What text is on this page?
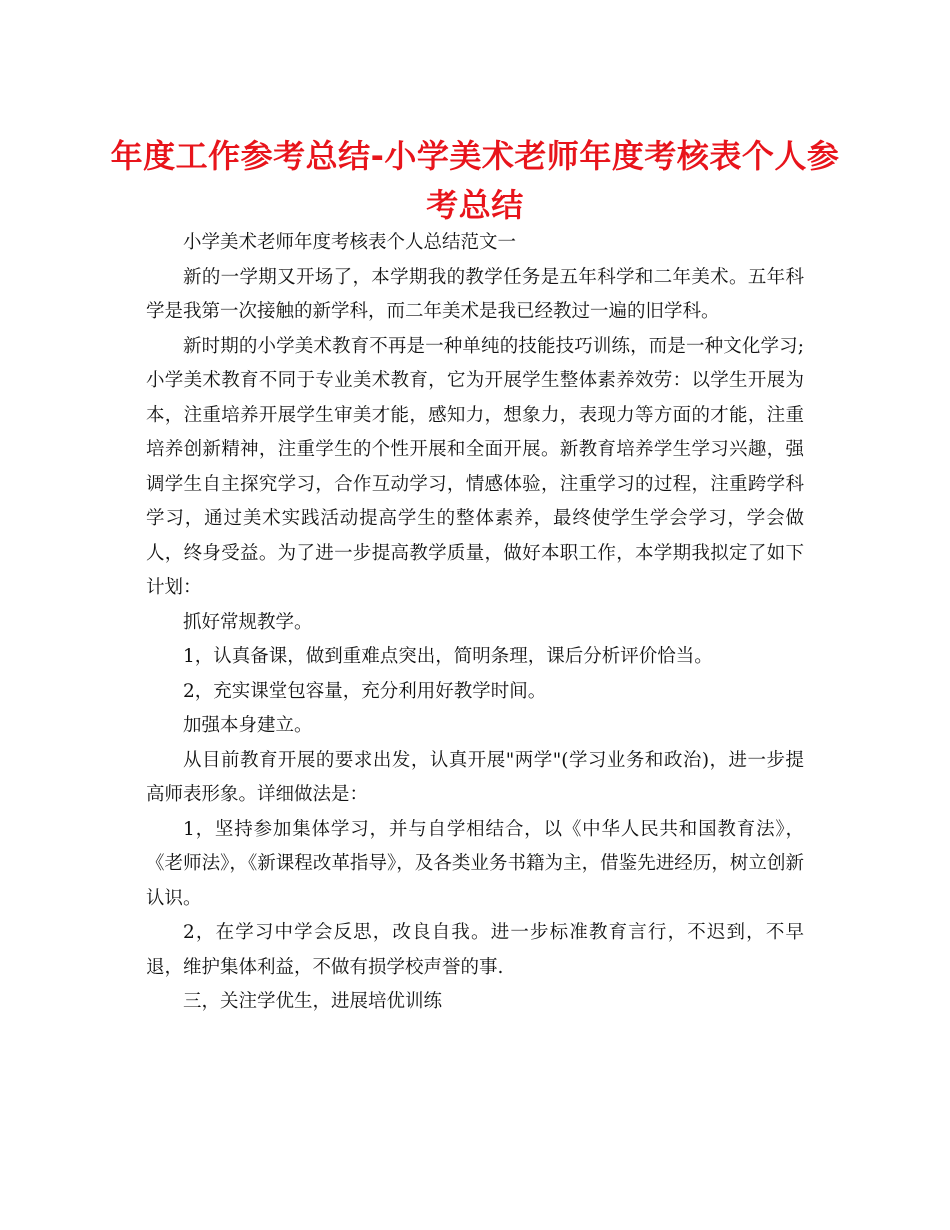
年度工作参考总结-小学美术老师年度考核表个人参考总结

小学美术老师年度考核表个人总结范文一

新的一学期又开场了，本学期我的教学任务是五年科学和二年美术。五年科学是我第一次接触的新学科，而二年美术是我已经教过一遍的旧学科。

新时期的小学美术教育不再是一种单纯的技能技巧训练，而是一种文化学习;小学美术教育不同于专业美术教育，它为开展学生整体素养效劳：以学生开展为本，注重培养开展学生审美才能，感知力，想象力，表现力等方面的才能，注重培养创新精神，注重学生的个性开展和全面开展。新教育培养学生学习兴趣，强调学生自主探究学习，合作互动学习，情感体验，注重学习的过程，注重跨学科学习，通过美术实践活动提高学生的整体素养，最终使学生学会学习，学会做人，终身受益。为了进一步提高教学质量，做好本职工作，本学期我拟定了如下计划：

抓好常规教学。

1，认真备课，做到重难点突出，简明条理，课后分析评价恰当。

2，充实课堂包容量，充分利用好教学时间。

加强本身建立。

从目前教育开展的要求出发，认真开展"两学"(学习业务和政治)，进一步提高师表形象。详细做法是：

1，坚持参加集体学习，并与自学相结合，以《中华人民共和国教育法》，《老师法》，《新课程改革指导》，及各类业务书籍为主，借鉴先进经历，树立创新认识。

2，在学习中学会反思，改良自我。进一步标准教育言行，不迟到，不早退，维护集体利益，不做有损学校声誉的事.

三，关注学优生，进展培优训练
